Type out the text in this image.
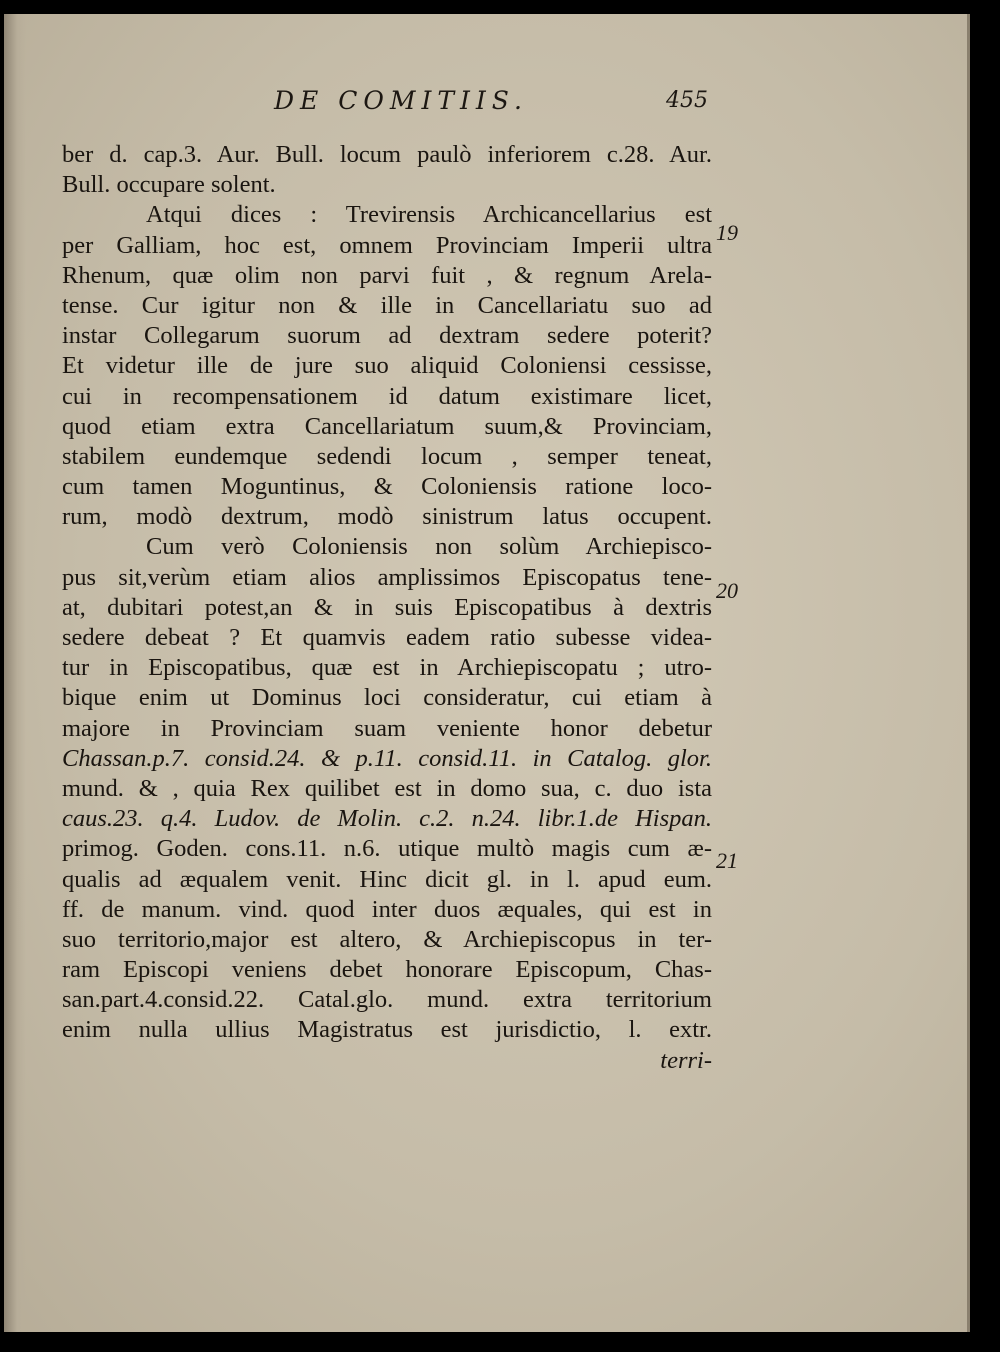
DE COMITIIS.	455
ber d. cap.3. Aur. Bull. locum paulò inferiorem c.28. Aur.
Bull. occupare solent.
Atqui dices : Trevirensis Archicancellarius est
per Galliam, hoc est, omnem Provinciam Imperii ultra
Rhenum, quæ olim non parvi fuit , & regnum Arela-
tense. Cur igitur non & ille in Cancellariatu suo ad
instar Collegarum suorum ad dextram sedere poterit?
Et videtur ille de jure suo aliquid Coloniensi cessisse,
cui in recompensationem id datum existimare licet,
quod etiam extra Cancellariatum suum,& Provinciam,
stabilem eundemque sedendi locum , semper teneat,
cum tamen Moguntinus, & Coloniensis ratione loco-
rum, modò dextrum, modò sinistrum latus occupent.
Cum verò Coloniensis non solùm Archiepisco-
pus sit,verùm etiam alios amplissimos Episcopatus tene-
at, dubitari potest,an & in suis Episcopatibus à dextris
sedere debeat ? Et quamvis eadem ratio subesse videa-
tur in Episcopatibus, quæ est in Archiepiscopatu ; utro-
bique enim ut Dominus loci consideratur, cui etiam à
majore in Provinciam suam veniente honor debetur
Chassan.p.7. consid.24. & p.11. consid.11. in Catalog. glor.
mund. & , quia Rex quilibet est in domo sua, c. duo ista
caus.23. q.4. Ludov. de Molin. c.2. n.24. libr.1.de Hispan.
primog. Goden. cons.11. n.6. utique multò magis cum æ-
qualis ad æqualem venit. Hinc dicit gl. in l. apud eum.
ff. de manum. vind. quod inter duos æquales, qui est in
suo territorio,major est altero, & Archiepiscopus in ter-
ram Episcopi veniens debet honorare Episcopum, Chas-
san.part.4.consid.22. Catal.glo. mund. extra territorium
enim nulla ullius Magistratus est jurisdictio, l. extr.
terri-
19
20
21
